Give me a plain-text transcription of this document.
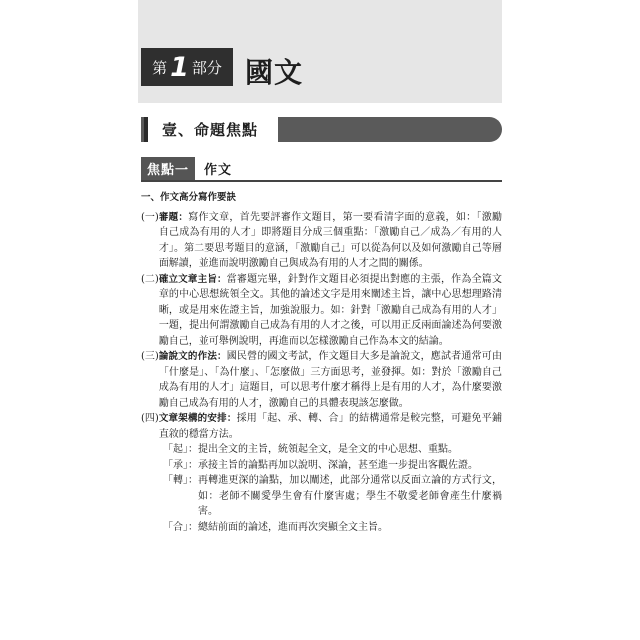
第 1 部分 國文
壹、命題焦點
焦點一	作文
一、作文高分寫作要訣
(一) 審題：寫作文章，首先要評審作文題目，第一要看清字面的意義，如：「激勵自己成為有用的人才」即將題目分成三個重點：「激勵自己／成為／有用的人才」。第二要思考題目的意涵，「激勵自己」可以從為何以及如何激勵自己等層面解讀，並進而說明激勵自己與成為有用的人才之間的關係。
(二) 確立文章主旨：當審題完畢，針對作文題目必須提出對應的主張，作為全篇文章的中心思想統領全文。其他的論述文字是用來闡述主旨，讓中心思想理路清晰，或是用來佐證主旨，加強說服力。如：針對「激勵自己成為有用的人才」一題，提出何謂激勵自己成為有用的人才之後，可以用正反兩面論述為何要激勵自己，並可舉例說明，再進而以怎樣激勵自己作為本文的結論。
(三) 論說文的作法：國民營的國文考試，作文題目大多是論說文，應試者通常可由「什麼是」、「為什麼」、「怎麼做」三方面思考，並發揮。如：對於「激勵自己成為有用的人才」這題目，可以思考什麼才稱得上是有用的人才，為什麼要激勵自己成為有用的人才，激勵自己的具體表現該怎麼做。
(四) 文章架構的安排：採用「起、承、轉、合」的結構通常是較完整，可避免平鋪直敘的穩當方法。
「起」： 提出全文的主旨，統領起全文，是全文的中心思想、重點。
「承」： 承接主旨的論點再加以說明、深論，甚至進一步提出客觀佐證。
「轉」： 再轉進更深的論點，加以闡述，此部分通常以反面立論的方式行文，如：老師不關愛學生會有什麼害處；學生不敬愛老師會產生什麼禍害。
「合」： 總結前面的論述，進而再次突顯全文主旨。
